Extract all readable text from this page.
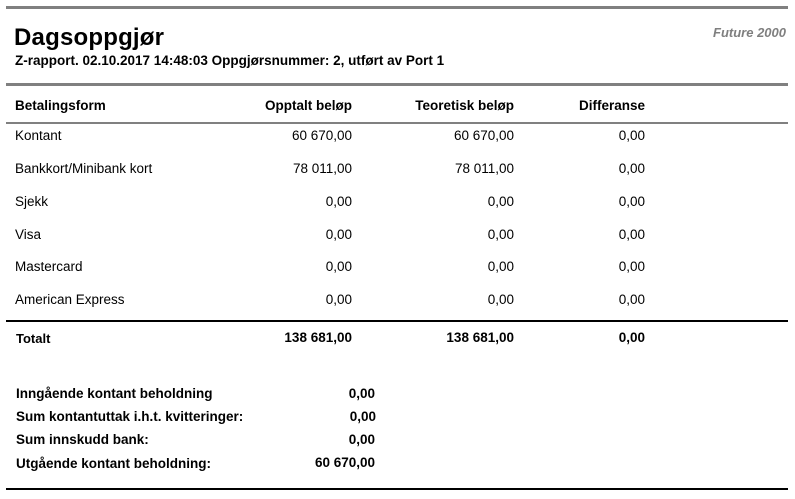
Dagsoppgjør
Z-rapport. 02.10.2017 14:48:03 Oppgjørsnummer: 2, utført av Port 1
Future 2000
Betalingsform	Opptalt beløp	Teoretisk beløp	Differanse
Kontant	60 670,00	60 670,00	0,00
Bankkort/Minibank kort	78 011,00	78 011,00	0,00
Sjekk	0,00	0,00	0,00
Visa	0,00	0,00	0,00
Mastercard	0,00	0,00	0,00
American Express	0,00	0,00	0,00
Totalt	138 681,00	138 681,00	0,00
Inngående kontant beholdning	0,00
Sum kontantuttak i.h.t. kvitteringer:	0,00
Sum innskudd bank:	0,00
Utgående kontant beholdning:	60 670,00
